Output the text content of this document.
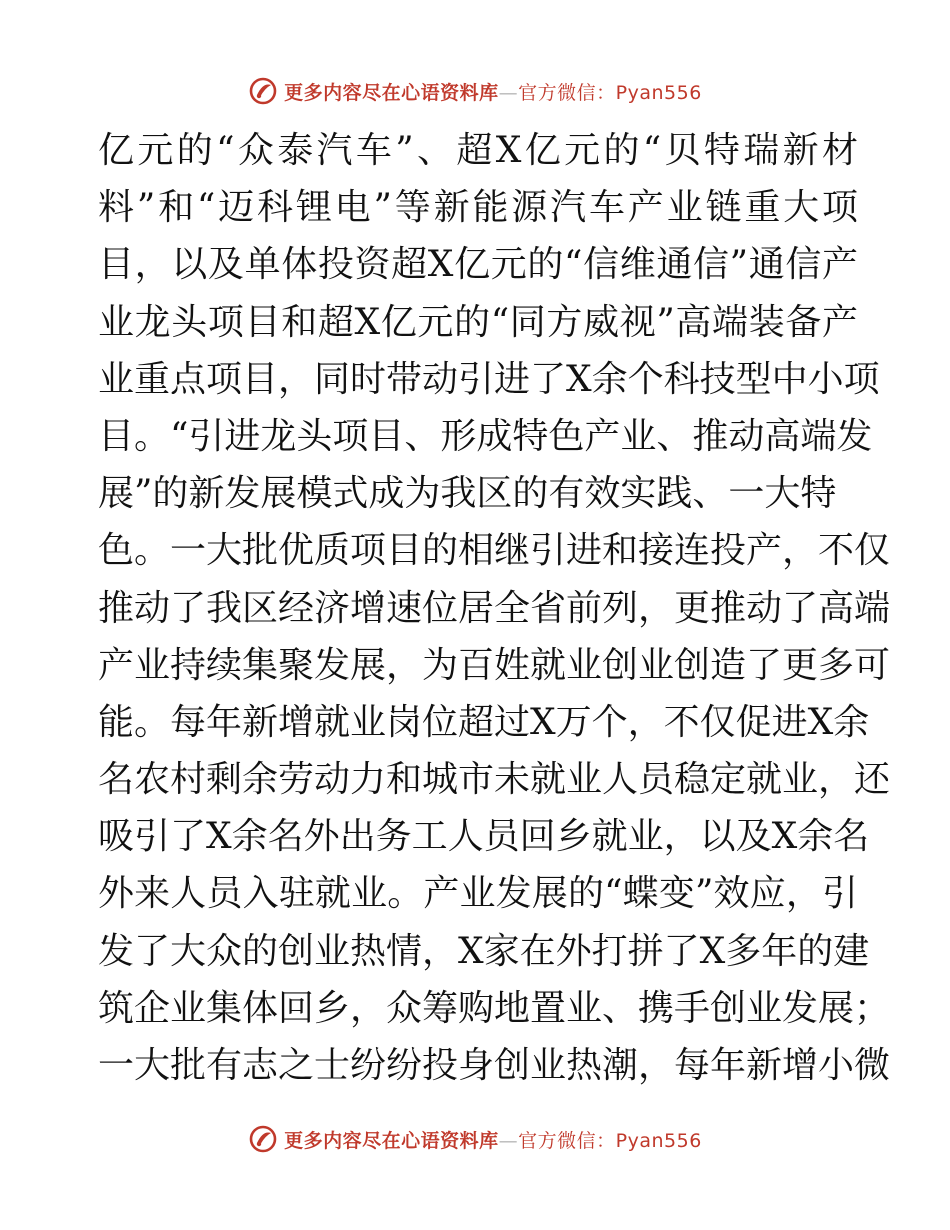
更多内容尽在心语资料库—官方微信：Pyan556
亿元的“众泰汽车”、超X亿元的“贝特瑞新材
料”和“迈科锂电”等新能源汽车产业链重大项
目，以及单体投资超X亿元的“信维通信”通信产
业龙头项目和超X亿元的“同方威视”高端装备产
业重点项目，同时带动引进了X余个科技型中小项
目。“引进龙头项目、形成特色产业、推动高端发
展”的新发展模式成为我区的有效实践、一大特
色。一大批优质项目的相继引进和接连投产，不仅
推动了我区经济增速位居全省前列，更推动了高端
产业持续集聚发展，为百姓就业创业创造了更多可
能。每年新增就业岗位超过X万个，不仅促进X余
名农村剩余劳动力和城市未就业人员稳定就业，还
吸引了X余名外出务工人员回乡就业，以及X余名
外来人员入驻就业。产业发展的“蝶变”效应，引
发了大众的创业热情，X家在外打拼了X多年的建
筑企业集体回乡，众筹购地置业、携手创业发展；
一大批有志之士纷纷投身创业热潮，每年新增小微
更多内容尽在心语资料库—官方微信：Pyan556
